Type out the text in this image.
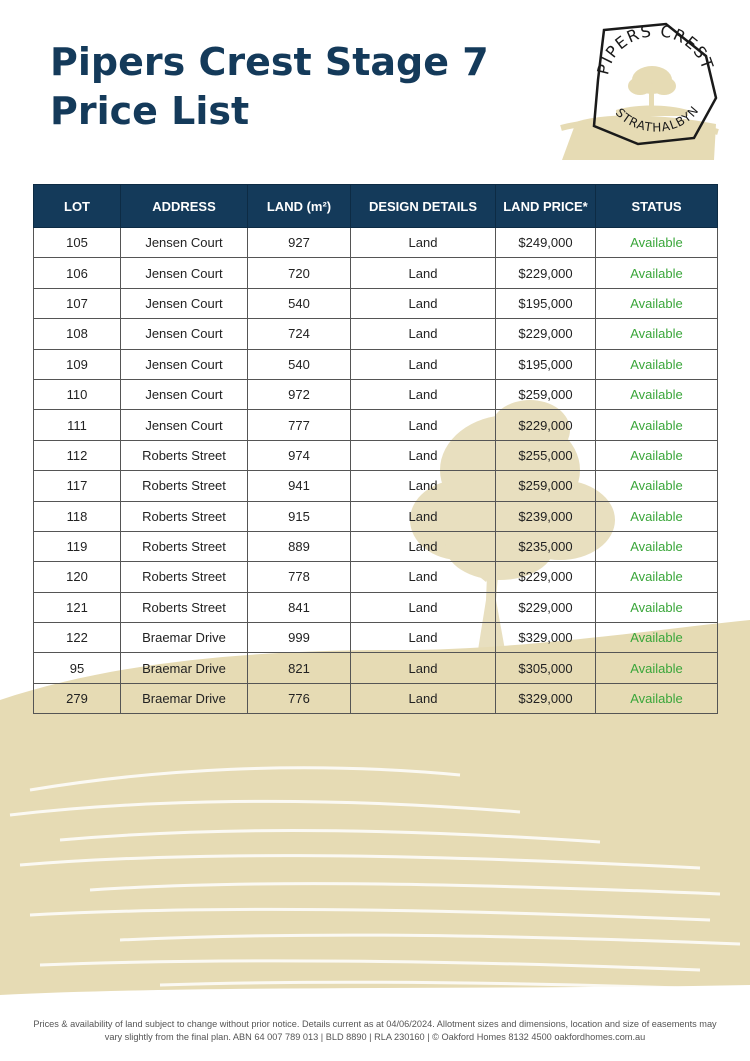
Pipers Crest Stage 7
Price List
PIPERS CREST
STRATHALBYN
LOT	ADDRESS	LAND (m²)	DESIGN DETAILS	LAND PRICE*	STATUS
105	Jensen Court	927	Land	$249,000	Available
106	Jensen Court	720	Land	$229,000	Available
107	Jensen Court	540	Land	$195,000	Available
108	Jensen Court	724	Land	$229,000	Available
109	Jensen Court	540	Land	$195,000	Available
110	Jensen Court	972	Land	$259,000	Available
111	Jensen Court	777	Land	$229,000	Available
112	Roberts Street	974	Land	$255,000	Available
117	Roberts Street	941	Land	$259,000	Available
118	Roberts Street	915	Land	$239,000	Available
119	Roberts Street	889	Land	$235,000	Available
120	Roberts Street	778	Land	$229,000	Available
121	Roberts Street	841	Land	$229,000	Available
122	Braemar Drive	999	Land	$329,000	Available
95	Braemar Drive	821	Land	$305,000	Available
279	Braemar Drive	776	Land	$329,000	Available
Prices & availability of land subject to change without prior notice. Details current as at 04/06/2024. Allotment sizes and dimensions, location and size of easements may
vary slightly from the final plan. ABN 64 007 789 013 | BLD 8890 | RLA 230160 | © Oakford Homes 8132 4500 oakfordhomes.com.au
